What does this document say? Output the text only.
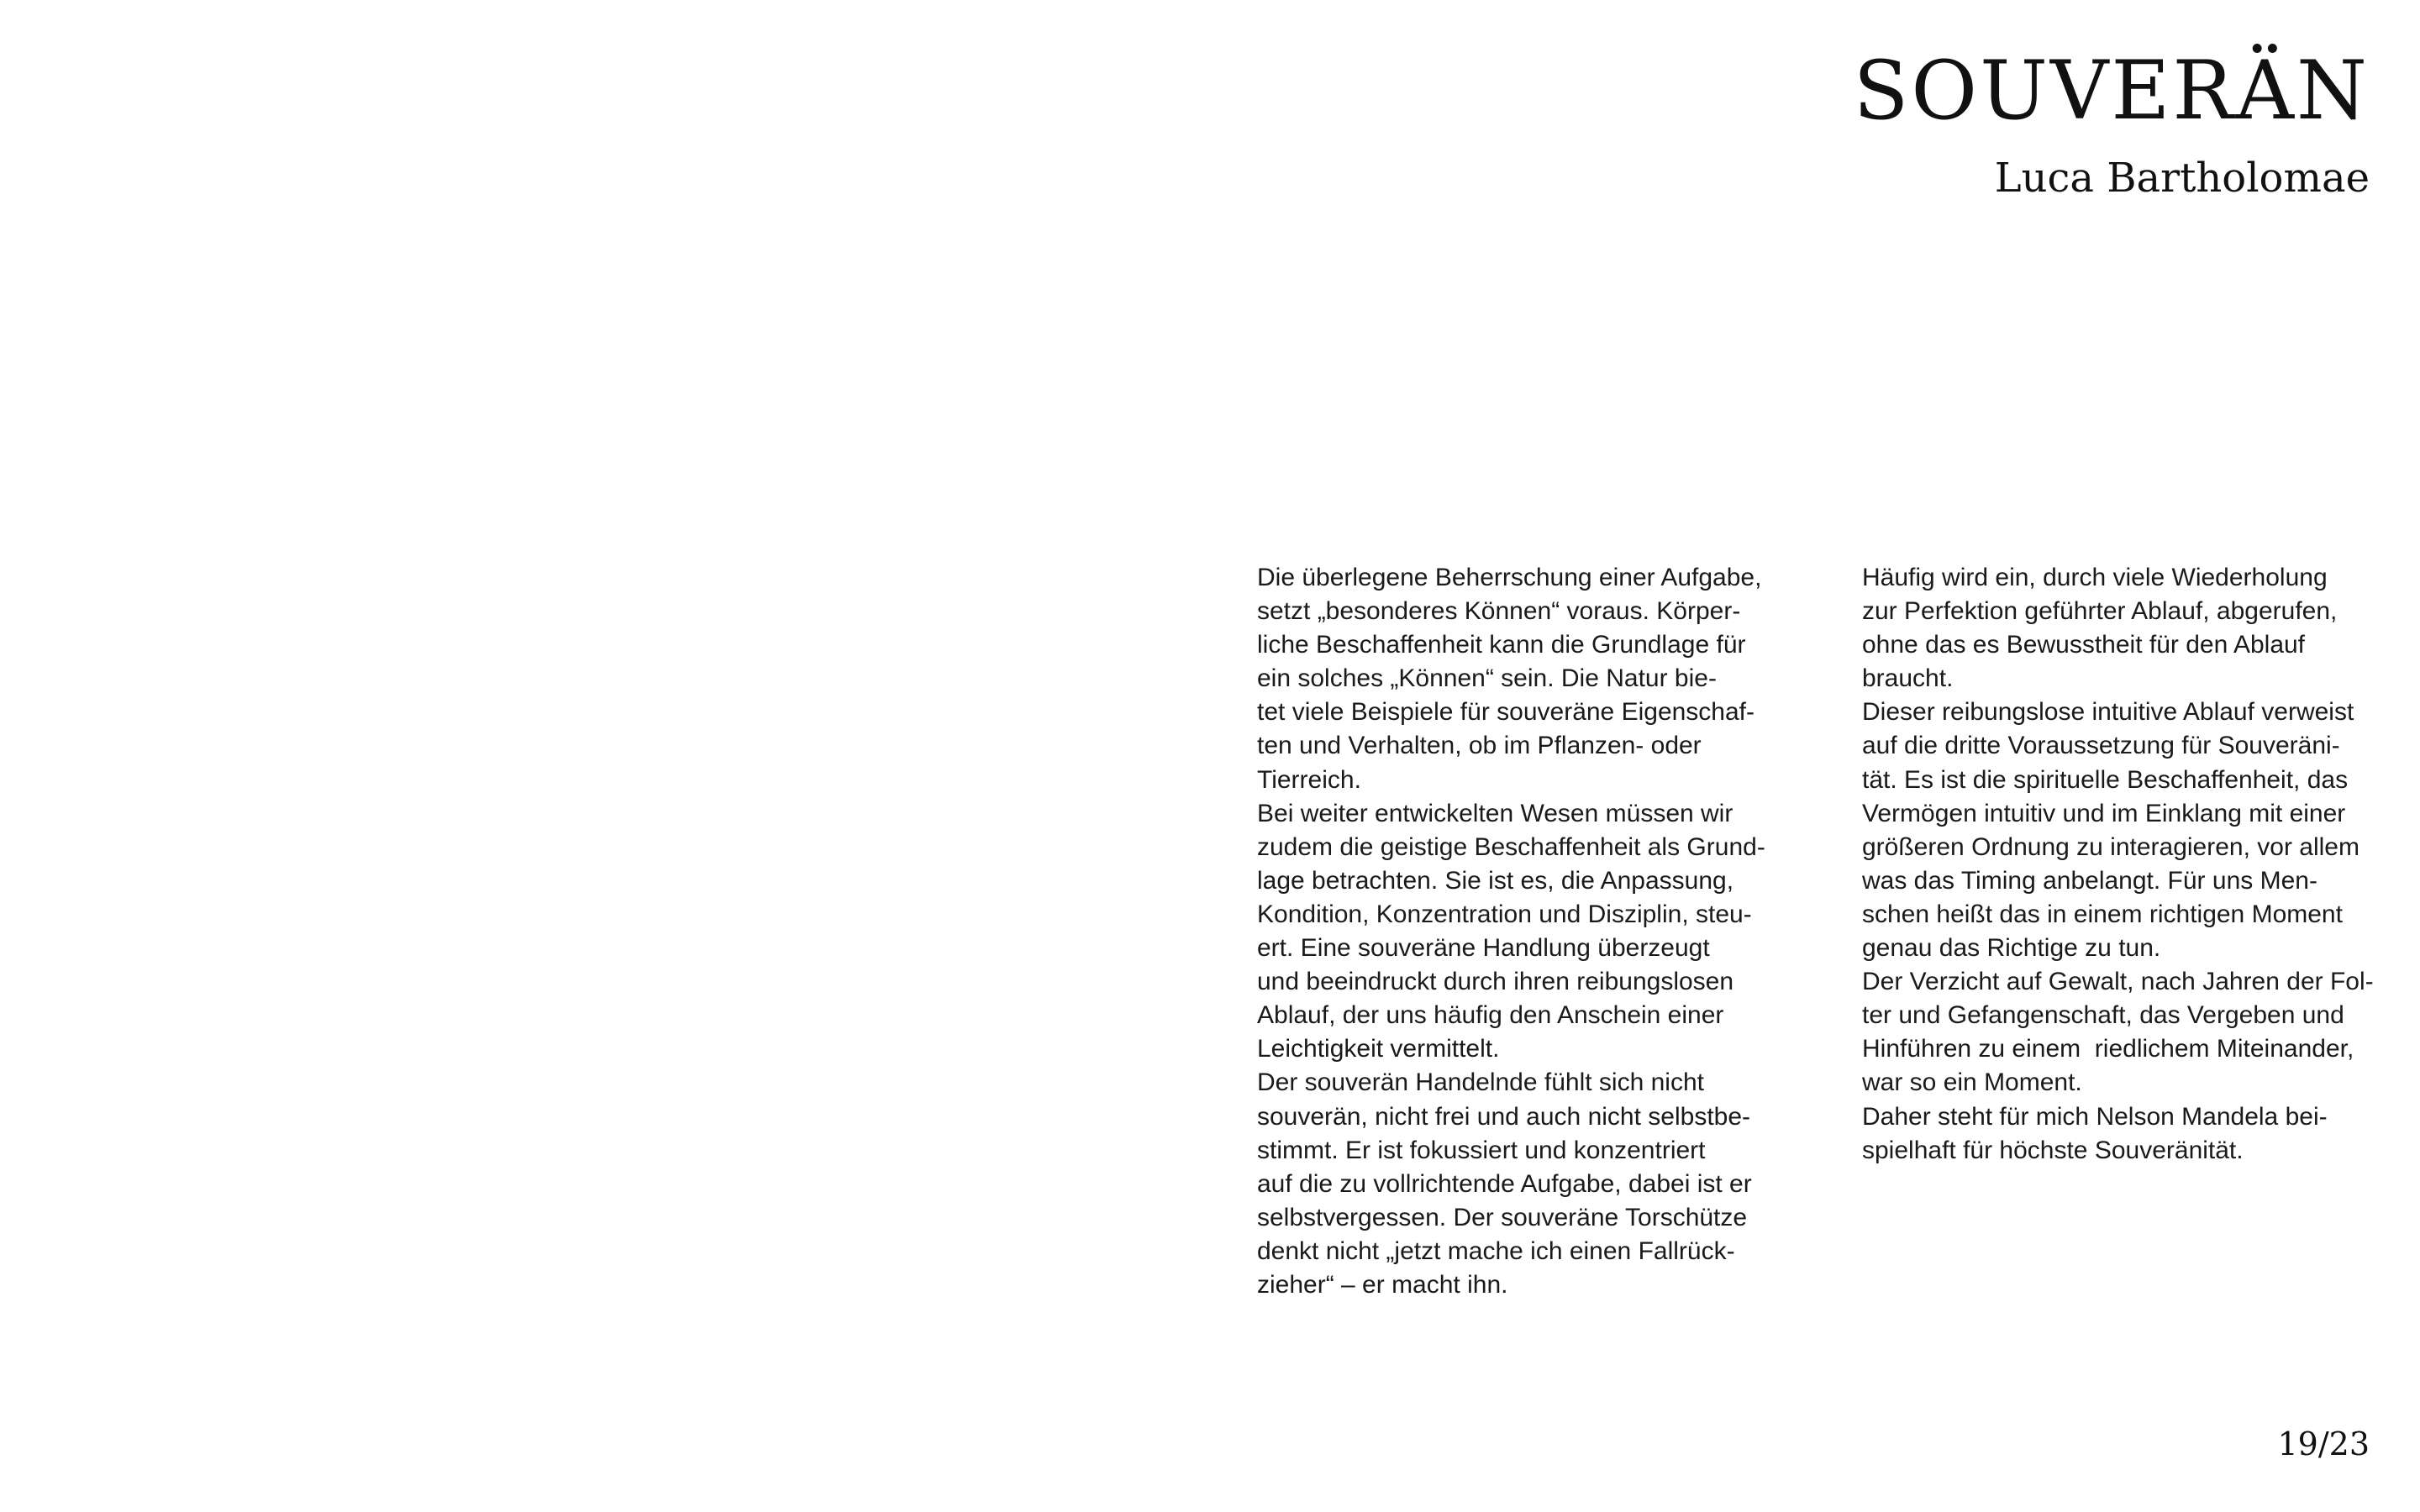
SOUVERÄN
Luca Bartholomae
Die überlegene Beherrschung einer Aufgabe,
setzt „besonderes Können“ voraus. Körper-
liche Beschaffenheit kann die Grundlage für
ein solches „Können“ sein. Die Natur bie-
tet viele Beispiele für souveräne Eigenschaf-
ten und Verhalten, ob im Pflanzen- oder
Tierreich.
Bei weiter entwickelten Wesen müssen wir
zudem die geistige Beschaffenheit als Grund-
lage betrachten. Sie ist es, die Anpassung,
Kondition, Konzentration und Disziplin, steu-
ert. Eine souveräne Handlung überzeugt
und beeindruckt durch ihren reibungslosen
Ablauf, der uns häufig den Anschein einer
Leichtigkeit vermittelt.
Der souverän Handelnde fühlt sich nicht
souverän, nicht frei und auch nicht selbstbe-
stimmt. Er ist fokussiert und konzentriert
auf die zu vollrichtende Aufgabe, dabei ist er
selbstvergessen. Der souveräne Torschütze
denkt nicht „jetzt mache ich einen Fallrück-
zieher“ – er macht ihn.
Häufig wird ein, durch viele Wiederholung
zur Perfektion geführter Ablauf, abgerufen,
ohne das es Bewusstheit für den Ablauf
braucht.
Dieser reibungslose intuitive Ablauf verweist
auf die dritte Voraussetzung für Souveräni-
tät. Es ist die spirituelle Beschaffenheit, das
Vermögen intuitiv und im Einklang mit einer
größeren Ordnung zu interagieren, vor allem
was das Timing anbelangt. Für uns Men-
schen heißt das in einem richtigen Moment
genau das Richtige zu tun.
Der Verzicht auf Gewalt, nach Jahren der Fol-
ter und Gefangenschaft, das Vergeben und
Hinführen zu einem  riedlichem Miteinander,
war so ein Moment.
Daher steht für mich Nelson Mandela bei-
spielhaft für höchste Souveränität.
19/23
